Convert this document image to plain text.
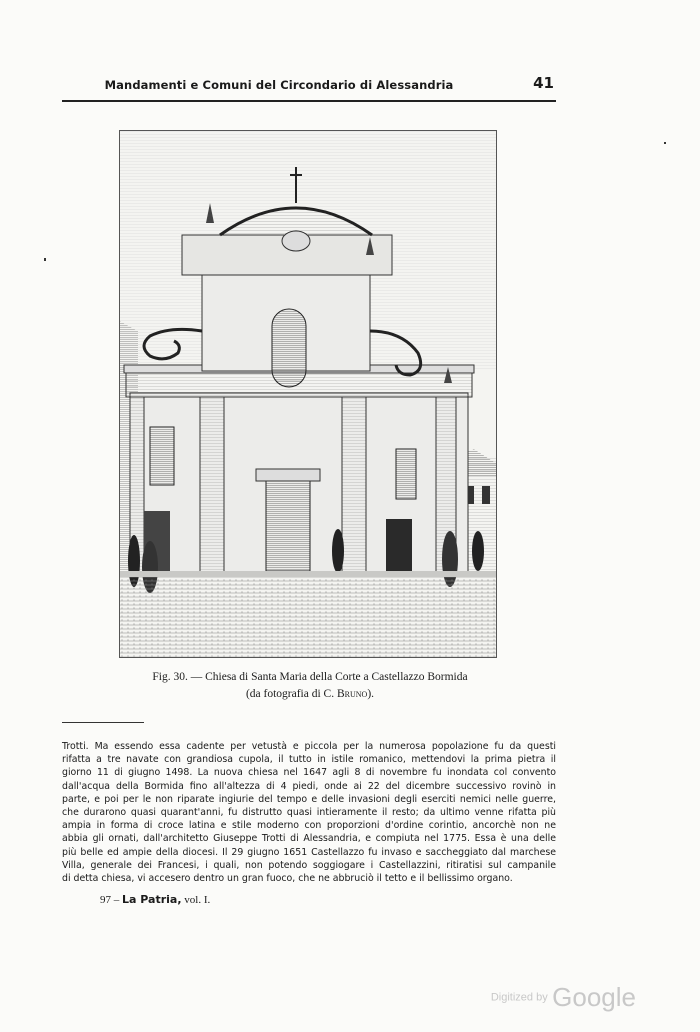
Mandamenti e Comuni del Circondario di Alessandria	41
Fig. 30. — Chiesa di Santa Maria della Corte a Castellazzo Bormida
(da fotografia di C. Bruno).
Trotti. Ma essendo essa cadente per vetustà e piccola per la numerosa popolazione fu da questi
rifatta a tre navate con grandiosa cupola, il tutto in istile romanico, mettendovi la prima pietra il
giorno 11 di giugno 1498. La nuova chiesa nel 1647 agli 8 di novembre fu inondata col convento
dall'acqua della Bormida fino all'altezza di 4 piedi, onde ai 22 del dicembre successivo rovinò in
parte, e poi per le non riparate ingiurie del tempo e delle invasioni degli eserciti nemici nelle guerre,
che durarono quasi quarant'anni, fu distrutto quasi intieramente il resto; da ultimo venne rifatta più
ampia in forma di croce latina e stile moderno con proporzioni d'ordine corintio, ancorchè non ne
abbia gli ornati, dall'architetto Giuseppe Trotti di Alessandria, e compiuta nel 1775. Essa è una delle
più belle ed ampie della diocesi. Il 29 giugno 1651 Castellazzo fu invaso e saccheggiato dal marchese
Villa, generale dei Francesi, i quali, non potendo soggiogare i Castellazzini, ritiratisi sul campanile
di detta chiesa, vi accesero dentro un gran fuoco, che ne abbruciò il tetto e il bellissimo organo.
97 – La Patria, vol. I.
Digitized by Google
